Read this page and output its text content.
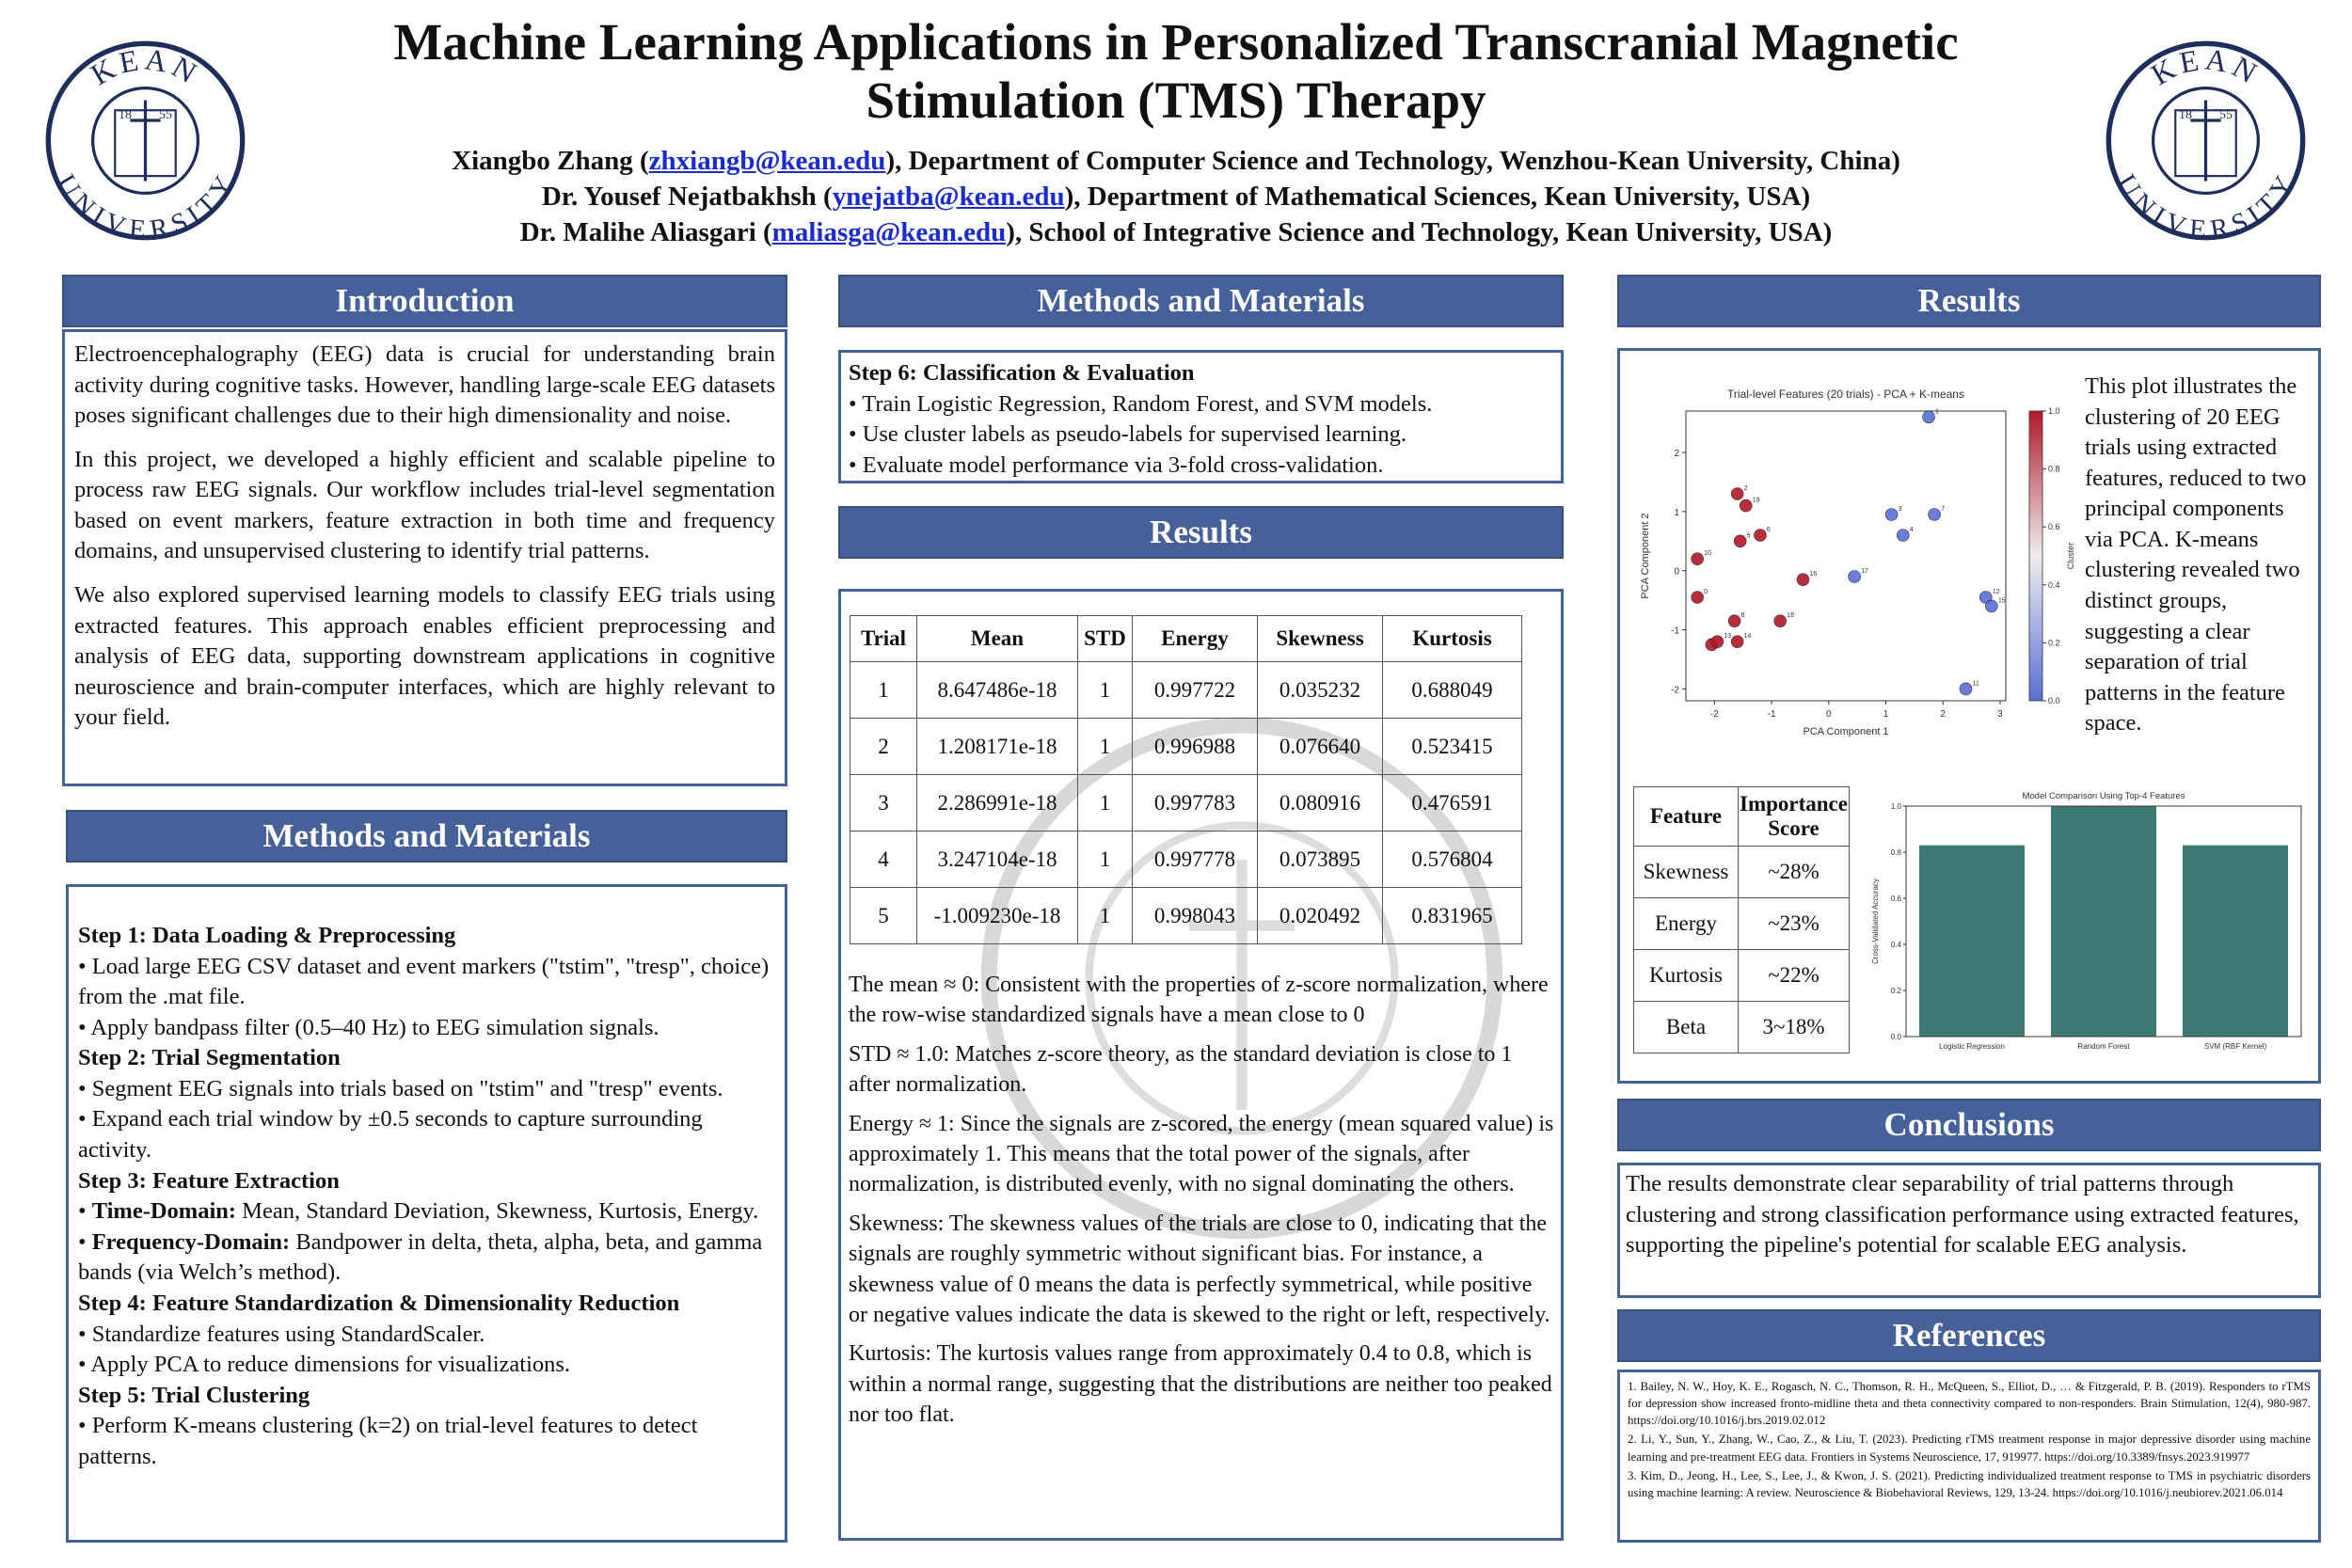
KEAN
UNIVERSITY
18 55
KEAN
UNIVERSITY
18 55
Machine Learning Applications in Personalized Transcranial Magnetic
Stimulation (TMS) Therapy
Xiangbo Zhang (zhxiangb@kean.edu), Department of Computer Science and Technology, Wenzhou-Kean University, China)
Dr. Yousef Nejatbakhsh (ynejatba@kean.edu), Department of Mathematical Sciences, Kean University, USA)
Dr. Malihe Aliasgari (maliasga@kean.edu), School of Integrative Science and Technology, Kean University, USA)
Introduction

Electroencephalography (EEG) data is crucial for understanding brain activity during cognitive tasks. However, handling large-scale EEG datasets poses significant challenges due to their high dimensionality and noise.

In this project, we developed a highly efficient and scalable pipeline to process raw EEG signals. Our workflow includes trial-level segmentation based on event markers, feature extraction in both time and frequency domains, and unsupervised clustering to identify trial patterns.

We also explored supervised learning models to classify EEG trials using extracted features. This approach enables efficient preprocessing and analysis of EEG data, supporting downstream applications in cognitive neuroscience and brain-computer interfaces, which are highly relevant to your field.

Methods and Materials

Step 1: Data Loading & Preprocessing

• Load large EEG CSV dataset and event markers ("tstim", "tresp", choice) from the .mat file.

• Apply bandpass filter (0.5–40 Hz) to EEG simulation signals.

Step 2: Trial Segmentation

• Segment EEG signals into trials based on "tstim" and "tresp" events.

• Expand each trial window by ±0.5 seconds to capture surrounding activity.

Step 3: Feature Extraction

• Time-Domain: Mean, Standard Deviation, Skewness, Kurtosis, Energy.

• Frequency-Domain: Bandpower in delta, theta, alpha, beta, and gamma bands (via Welch’s method).

Step 4: Feature Standardization & Dimensionality Reduction

• Standardize features using StandardScaler.

• Apply PCA to reduce dimensions for visualizations.

Step 5: Trial Clustering

• Perform K-means clustering (k=2) on trial-level features to detect patterns.

Methods and Materials

Step 6: Classification & Evaluation

• Train Logistic Regression, Random Forest, and SVM models.

• Use cluster labels as pseudo-labels for supervised learning.

• Evaluate model performance via 3-fold cross-validation.

Results
Trial	Mean	STD	Energy	Skewness	Kurtosis
1	8.647486e-18	1	0.997722	0.035232	0.688049
2	1.208171e-18	1	0.996988	0.076640	0.523415
3	2.286991e-18	1	0.997783	0.080916	0.476591
4	3.247104e-18	1	0.997778	0.073895	0.576804
5	-1.009230e-18	1	0.998043	0.020492	0.831965

The mean ≈ 0: Consistent with the properties of z-score normalization, where the row-wise standardized signals have a mean close to 0

STD ≈ 1.0: Matches z-score theory, as the standard deviation is close to 1 after normalization.

Energy ≈ 1: Since the signals are z-scored, the energy (mean squared value) is approximately 1. This means that the total power of the signals, after normalization, is distributed evenly, with no signal dominating the others.

Skewness: The skewness values of the trials are close to 0, indicating that the signals are roughly symmetric without significant bias. For instance, a skewness value of 0 means the data is perfectly symmetrical, while positive or negative values indicate the data is skewed to the right or left, respectively.

Kurtosis: The kurtosis values range from approximately 0.4 to 0.8, which is within a normal range, suggesting that the distributions are neither too peaked nor too flat.

Results
Trial-level Features (20 trials) - PCA + K-means
-2	-1	0	1	2	3
-2
-1
0
1
2
PCA Component 1
PCA Component 2	0
1
2
3
4
5
6
7
8
10
11
12
13 14
15
16	17
18
19
0.0
0.2
0.4
0.6
0.8
1.0
Cluster
This plot illustrates the clustering of 20 EEG trials using extracted features, reduced to two principal components via PCA. K-means clustering revealed two distinct groups, suggesting a clear separation of trial patterns in the feature space.
Feature	Importance Score
Skewness	~28%
Energy	~23%
Kurtosis	~22%
Beta	3~18%
Model Comparison Using Top-4 Features
0.0
0.2
0.4
0.6
0.8
1.0
Cross-Validated Accuracy
Logistic Regression	Random Forest	SVM (RBF Kernel)
Conclusions
The results demonstrate clear separability of trial patterns through clustering and strong classification performance using extracted features, supporting the pipeline's potential for scalable EEG analysis.
References

1. Bailey, N. W., Hoy, K. E., Rogasch, N. C., Thomson, R. H., McQueen, S., Elliot, D., … & Fitzgerald, P. B. (2019). Responders to rTMS for depression show increased fronto-midline theta and theta connectivity compared to non-responders. Brain Stimulation, 12(4), 980-987. https://doi.org/10.1016/j.brs.2019.02.012

2. Li, Y., Sun, Y., Zhang, W., Cao, Z., & Liu, T. (2023). Predicting rTMS treatment response in major depressive disorder using machine learning and pre-treatment EEG data. Frontiers in Systems Neuroscience, 17, 919977. https://doi.org/10.3389/fnsys.2023.919977

3. Kim, D., Jeong, H., Lee, S., Lee, J., & Kwon, J. S. (2021). Predicting individualized treatment response to TMS in psychiatric disorders using machine learning: A review. Neuroscience & Biobehavioral Reviews, 129, 13-24. https://doi.org/10.1016/j.neubiorev.2021.06.014
